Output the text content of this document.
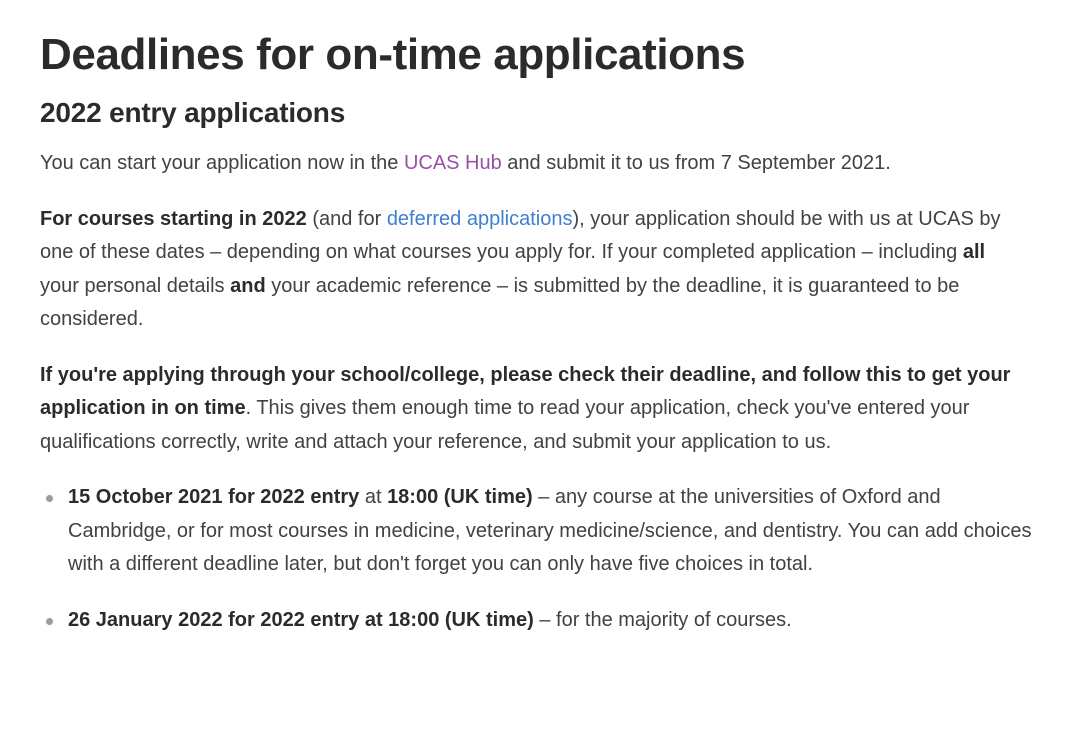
Deadlines for on-time applications
2022 entry applications

You can start your application now in the UCAS Hub and submit it to us from 7 September 2021.

For courses starting in 2022 (and for deferred applications), your application should be with us at UCAS by one of these dates – depending on what courses you apply for. If your completed application – including all your personal details and your academic reference – is submitted by the deadline, it is guaranteed to be considered.

If you're applying through your school/college, please check their deadline, and follow this to get your application in on time. This gives them enough time to read your application, check you've entered your qualifications correctly, write and attach your reference, and submit your application to us.

15 October 2021 for 2022 entry at 18:00 (UK time) – any course at the universities of Oxford and Cambridge, or for most courses in medicine, veterinary medicine/science, and dentistry. You can add choices with a different deadline later, but don't forget you can only have five choices in total.
26 January 2022 for 2022 entry at 18:00 (UK time) – for the majority of courses.
